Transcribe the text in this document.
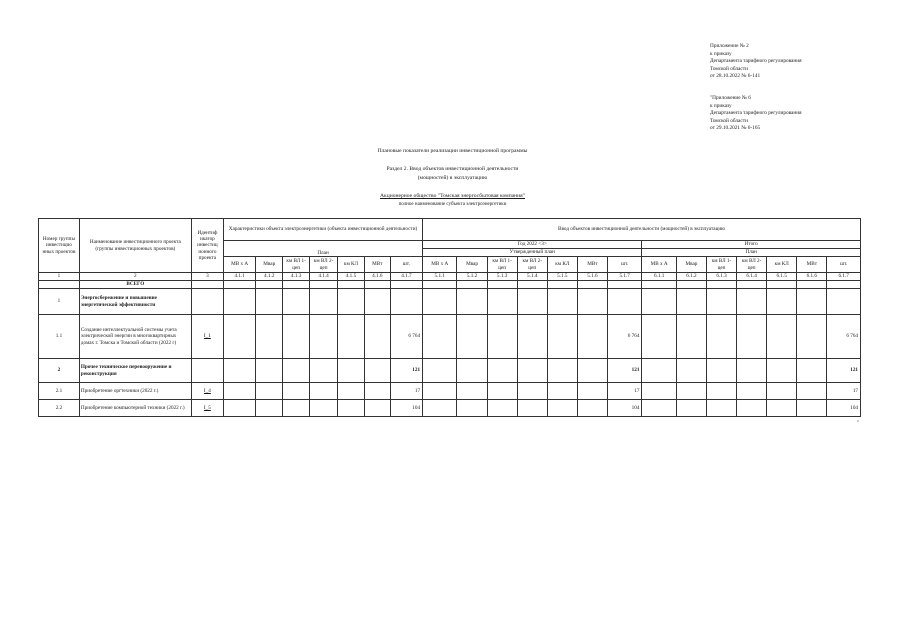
Приложение № 2
к приказу
Департамента тарифного регулирования
Томской области
от 28.10.2022 № 6-141
"Приложение № 6
к приказу
Департамента тарифного регулирования
Томской области
от 29.10.2021 № 6-165
Плановые показатели реализации инвестиционной программы
Раздел 2. Ввод объектов инвестиционной деятельности
(мощностей) в эксплуатацию
Акционерное общество "Томская энергосбытовая компания"
полное наименование субъекта электроэнергетики
Номер группы инвестицио нных проектов	Наименование инвестиционного проекта (группы инвестиционных проектов)	Идентиф икатор инвестиц ионного проекта	Характеристики объекта электроэнергетики (объекта инвестиционной деятельности)							Ввод объектов инвестиционной деятельности (мощностей) в эксплуатацию													
			План							Год 2022 <3>							Итого						
										Утвержденный план							План						
			МВ x А	Мвар	км ВЛ 1-цеп	км ВЛ 2-цеп	км КЛ	МВт	шт.	МВ x А	Мвар	км ВЛ 1-цеп	км ВЛ 2-цеп	км КЛ	МВт	шт.	МВ x А	Мвар	км ВЛ 1-цеп	км ВЛ 2-цеп	км КЛ	МВт	шт.
1	2	3	4.1.1	4.1.2	4.1.3	4.1.4	4.1.5	4.1.6	4.1.7	5.1.1	5.1.2	5.1.3	5.1.4	5.1.5	5.1.6	5.1.7	6.1.1	6.1.2	6.1.3	6.1.4	6.1.5	6.1.6	6.1.7
	ВСЕГО																						
1	Энергосбережение и повышение энергетической эффективности																						
1.1	Создание интеллектуальной системы учета электрической энергии в многоквартирных домах г. Томска и Томской области (2022 г)	I_1							6 764							6 764							6 764
2	Прочее техническое перевооружение и реконструкция								121							121							121
2.1	Приобретение оргтехники (2022 г.)	I_4							17							17							17
2.2	Приобретение компьютерной техники (2022 г.)	I_5							104							104							104
"
